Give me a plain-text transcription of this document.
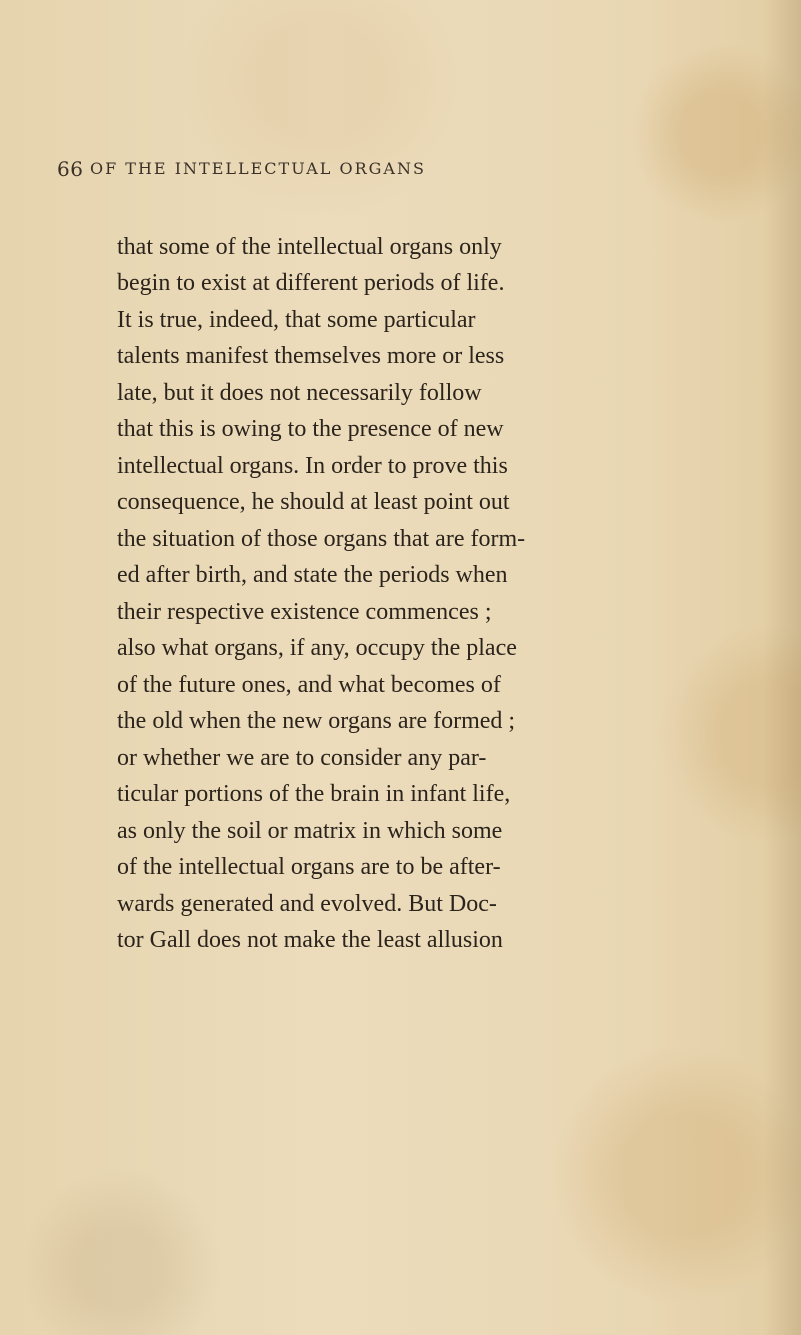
66 OF THE INTELLECTUAL ORGANS
that some of the intellectual organs only
begin to exist at different periods of life.
It is true, indeed, that some particular
talents manifest themselves more or less
late, but it does not necessarily follow
that this is owing to the presence of new
intellectual organs. In order to prove this
consequence, he should at least point out
the situation of those organs that are form-
ed after birth, and state the periods when
their respective existence commences ;
also what organs, if any, occupy the place
of the future ones, and what becomes of
the old when the new organs are formed ;
or whether we are to consider any par-
ticular portions of the brain in infant life,
as only the soil or matrix in which some
of the intellectual organs are to be after-
wards generated and evolved. But Doc-
tor Gall does not make the least allusion
